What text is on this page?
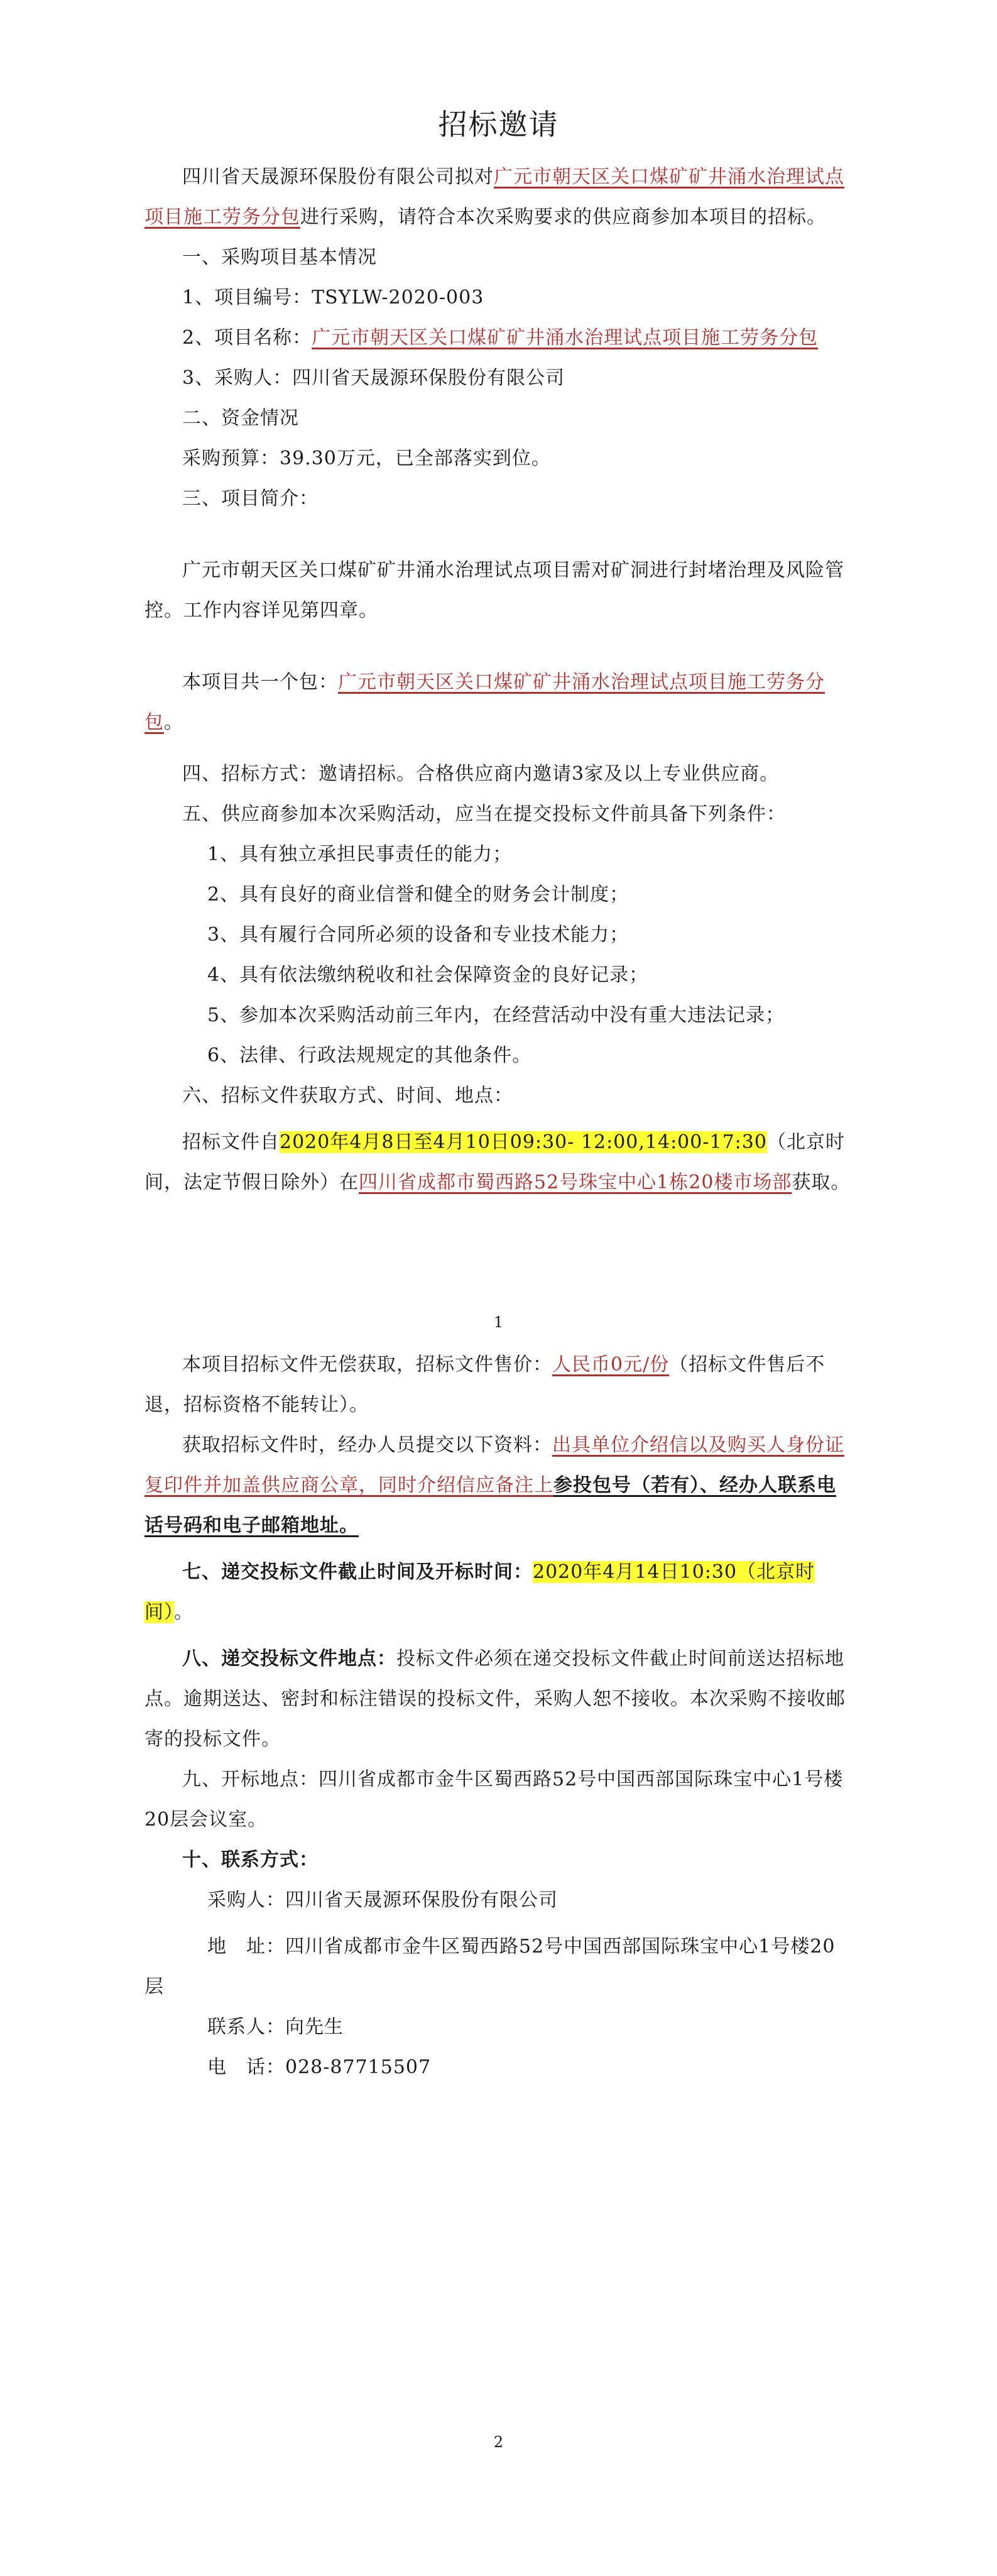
招标邀请

四川省天晟源环保股份有限公司拟对广元市朝天区关口煤矿矿井涌水治理试点项目施工劳务分包进行采购，请符合本次采购要求的供应商参加本项目的招标。

一、采购项目基本情况

1、项目编号：TSYLW-2020-003

2、项目名称：广元市朝天区关口煤矿矿井涌水治理试点项目施工劳务分包

3、采购人：四川省天晟源环保股份有限公司

二、资金情况

采购预算：39.30万元，已全部落实到位。

三、项目简介：

广元市朝天区关口煤矿矿井涌水治理试点项目需对矿洞进行封堵治理及风险管控。工作内容详见第四章。

本项目共一个包：广元市朝天区关口煤矿矿井涌水治理试点项目施工劳务分包。

四、招标方式：邀请招标。合格供应商内邀请3家及以上专业供应商。

五、供应商参加本次采购活动，应当在提交投标文件前具备下列条件：

1、具有独立承担民事责任的能力；

2、具有良好的商业信誉和健全的财务会计制度；

3、具有履行合同所必须的设备和专业技术能力；

4、具有依法缴纳税收和社会保障资金的良好记录；

5、参加本次采购活动前三年内，在经营活动中没有重大违法记录；

6、法律、行政法规规定的其他条件。

六、招标文件获取方式、时间、地点：

招标文件自2020年4月8日至4月10日09:30- 12:00,14:00-17:30（北京时间，法定节假日除外）在四川省成都市蜀西路52号珠宝中心1栋20楼市场部获取。

1

本项目招标文件无偿获取，招标文件售价：人民币0元/份（招标文件售后不退，招标资格不能转让）。

获取招标文件时，经办人员提交以下资料：出具单位介绍信以及购买人身份证复印件并加盖供应商公章，同时介绍信应备注上参投包号（若有）、经办人联系电话号码和电子邮箱地址。

七、递交投标文件截止时间及开标时间：2020年4月14日10:30（北京时间）。

八、递交投标文件地点：投标文件必须在递交投标文件截止时间前送达招标地点。逾期送达、密封和标注错误的投标文件，采购人恕不接收。本次采购不接收邮寄的投标文件。

九、开标地点：四川省成都市金牛区蜀西路52号中国西部国际珠宝中心1号楼20层会议室。

十、联系方式：

采购人：四川省天晟源环保股份有限公司

地　址：四川省成都市金牛区蜀西路52号中国西部国际珠宝中心1号楼20层

联系人：向先生

电　话：028-87715507

2
